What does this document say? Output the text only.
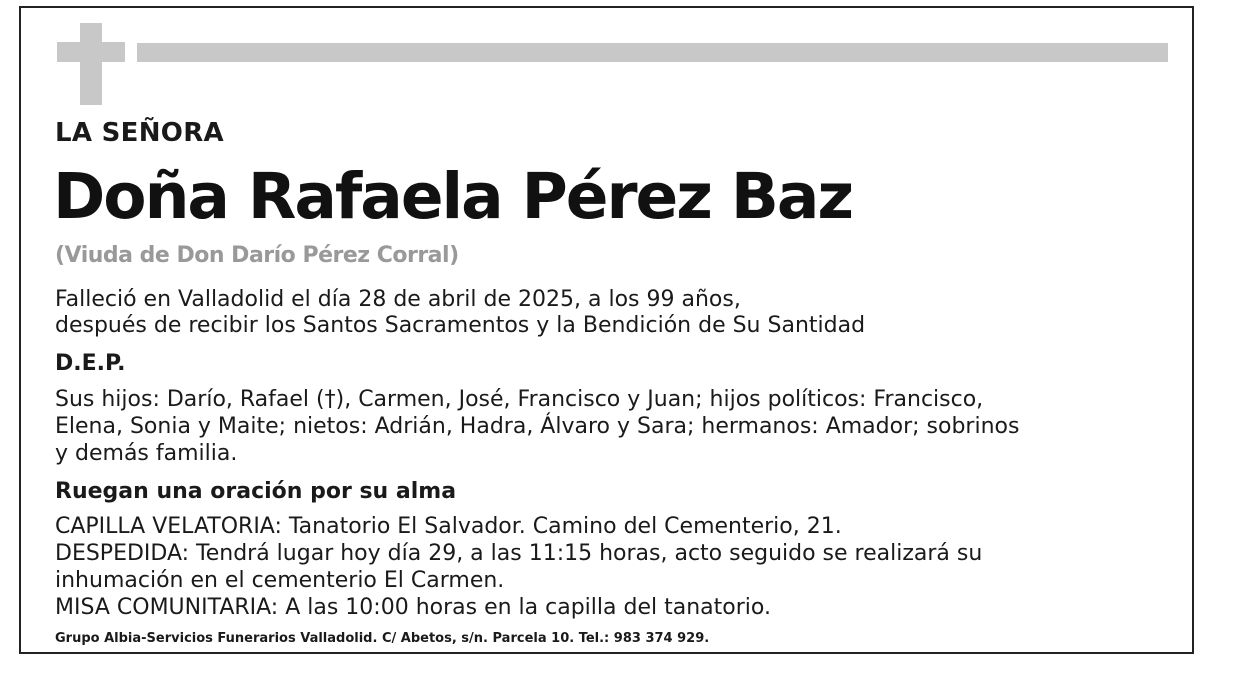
LA SEÑORA
Doña Rafaela Pérez Baz
(Viuda de Don Darío Pérez Corral)
Falleció en Valladolid el día 28 de abril de 2025, a los 99 años,
después de recibir los Santos Sacramentos y la Bendición de Su Santidad
D.E.P.
Sus hijos: Darío, Rafael (†), Carmen, José, Francisco y Juan; hijos políticos: Francisco,
Elena, Sonia y Maite; nietos: Adrián, Hadra, Álvaro y Sara; hermanos: Amador; sobrinos
y demás familia.
Ruegan una oración por su alma
CAPILLA VELATORIA: Tanatorio El Salvador. Camino del Cementerio, 21.
DESPEDIDA: Tendrá lugar hoy día 29, a las 11:15 horas, acto seguido se realizará su
inhumación en el cementerio El Carmen.
MISA COMUNITARIA: A las 10:00 horas en la capilla del tanatorio.
Grupo Albia-Servicios Funerarios Valladolid. C/ Abetos, s/n. Parcela 10. Tel.: 983 374 929.
